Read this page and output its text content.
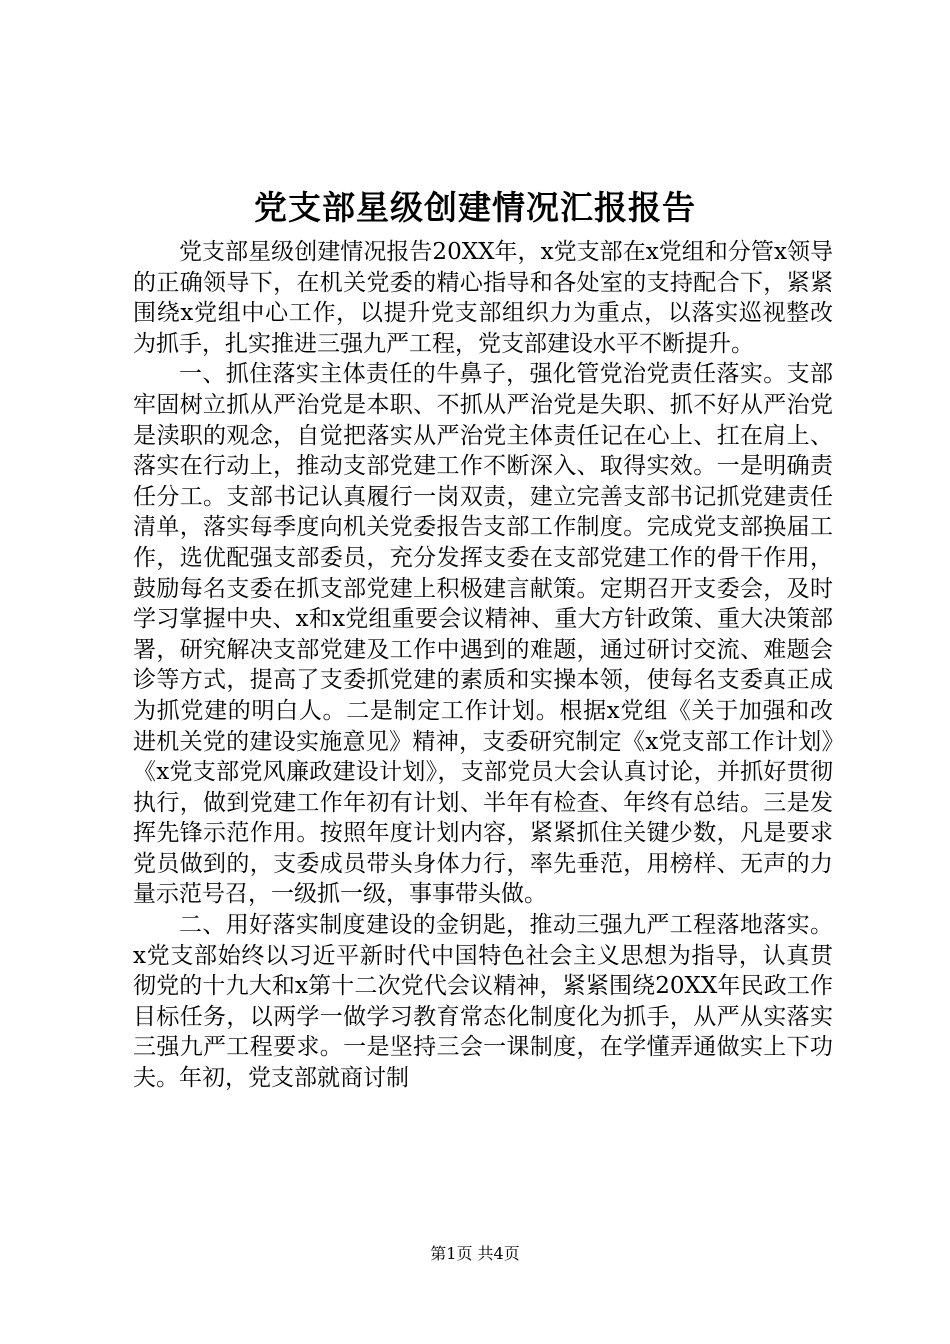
党支部星级创建情况汇报报告

党支部星级创建情况报告20XX年，x党支部在x党组和分管x领导的正确领导下，在机关党委的精心指导和各处室的支持配合下，紧紧围绕x党组中心工作，以提升党支部组织力为重点，以落实巡视整改为抓手，扎实推进三强九严工程，党支部建设水平不断提升。

一、抓住落实主体责任的牛鼻子，强化管党治党责任落实。支部牢固树立抓从严治党是本职、不抓从严治党是失职、抓不好从严治党是渎职的观念，自觉把落实从严治党主体责任记在心上、扛在肩上、落实在行动上，推动支部党建工作不断深入、取得实效。一是明确责任分工。支部书记认真履行一岗双责，建立完善支部书记抓党建责任清单，落实每季度向机关党委报告支部工作制度。完成党支部换届工作，选优配强支部委员，充分发挥支委在支部党建工作的骨干作用，鼓励每名支委在抓支部党建上积极建言献策。定期召开支委会，及时学习掌握中央、x和x党组重要会议精神、重大方针政策、重大决策部署，研究解决支部党建及工作中遇到的难题，通过研讨交流、难题会诊等方式，提高了支委抓党建的素质和实操本领，使每名支委真正成为抓党建的明白人。二是制定工作计划。根据x党组《关于加强和改进机关党的建设实施意见》精神，支委研究制定《x党支部工作计划》《x党支部党风廉政建设计划》，支部党员大会认真讨论，并抓好贯彻执行，做到党建工作年初有计划、半年有检查、年终有总结。三是发挥先锋示范作用。按照年度计划内容，紧紧抓住关键少数，凡是要求党员做到的，支委成员带头身体力行，率先垂范，用榜样、无声的力量示范号召，一级抓一级，事事带头做。

二、用好落实制度建设的金钥匙，推动三强九严工程落地落实。x党支部始终以习近平新时代中国特色社会主义思想为指导，认真贯彻党的十九大和x第十二次党代会议精神，紧紧围绕20XX年民政工作目标任务，以两学一做学习教育常态化制度化为抓手，从严从实落实三强九严工程要求。一是坚持三会一课制度，在学懂弄通做实上下功夫。年初，党支部就商讨制

第1页 共4页
